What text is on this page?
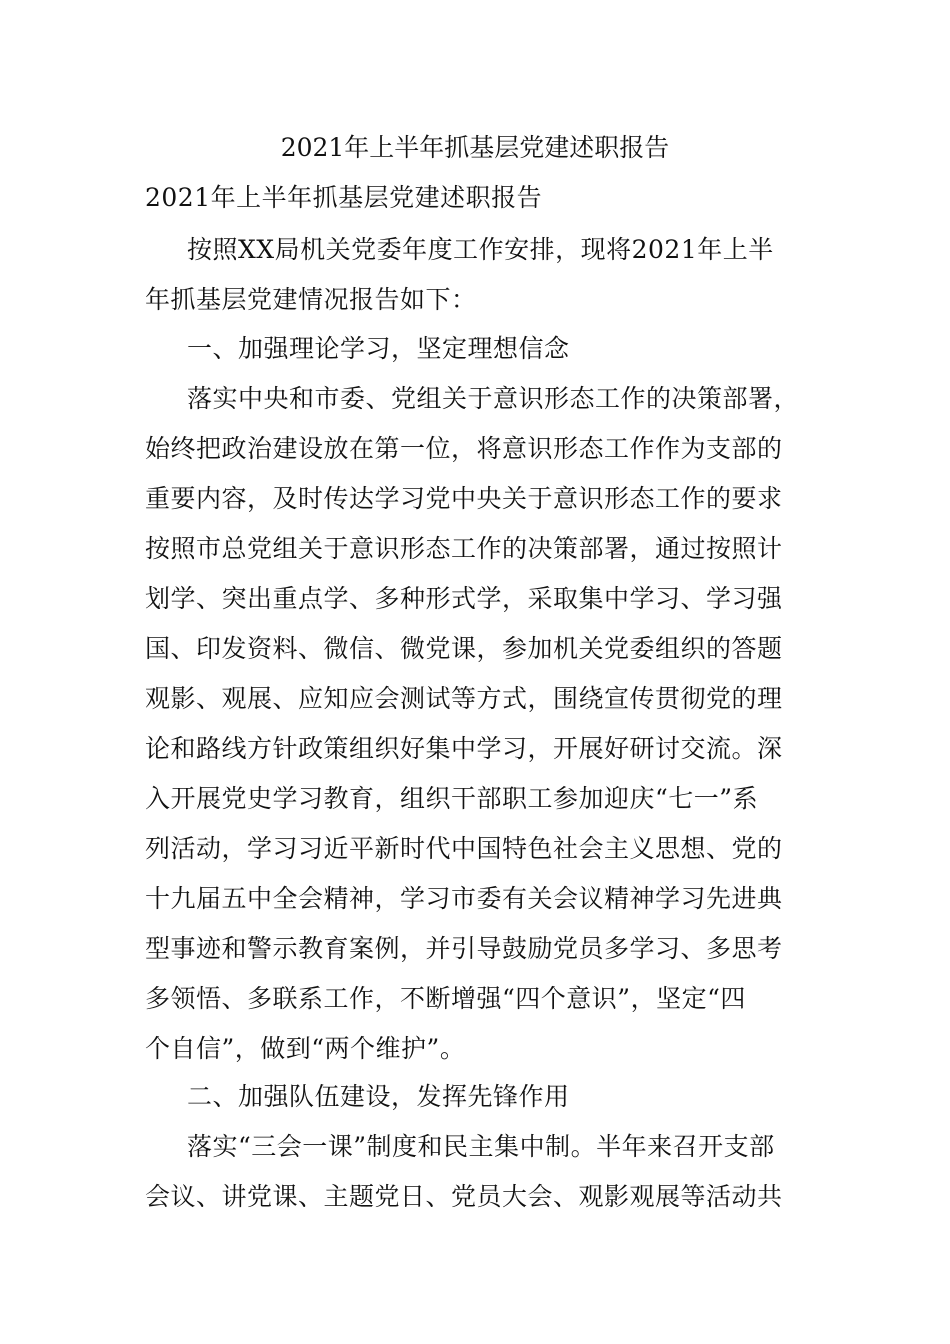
2021年上半年抓基层党建述职报告
2021年上半年抓基层党建述职报告
按照XX局机关党委年度工作安排，现将2021年上半
年抓基层党建情况报告如下：
一、加强理论学习，坚定理想信念
落实中央和市委、党组关于意识形态工作的决策部署，
始终把政治建设放在第一位，将意识形态工作作为支部的
重要内容，及时传达学习党中央关于意识形态工作的要求
按照市总党组关于意识形态工作的决策部署，通过按照计
划学、突出重点学、多种形式学，采取集中学习、学习强
国、印发资料、微信、微党课，参加机关党委组织的答题
观影、观展、应知应会测试等方式，围绕宣传贯彻党的理
论和路线方针政策组织好集中学习，开展好研讨交流。深
入开展党史学习教育，组织干部职工参加迎庆“七一”系
列活动，学习习近平新时代中国特色社会主义思想、党的
十九届五中全会精神，学习市委有关会议精神学习先进典
型事迹和警示教育案例，并引导鼓励党员多学习、多思考
多领悟、多联系工作，不断增强“四个意识”，坚定“四
个自信”，做到“两个维护”。
二、加强队伍建设，发挥先锋作用
落实“三会一课”制度和民主集中制。半年来召开支部
会议、讲党课、主题党日、党员大会、观影观展等活动共
